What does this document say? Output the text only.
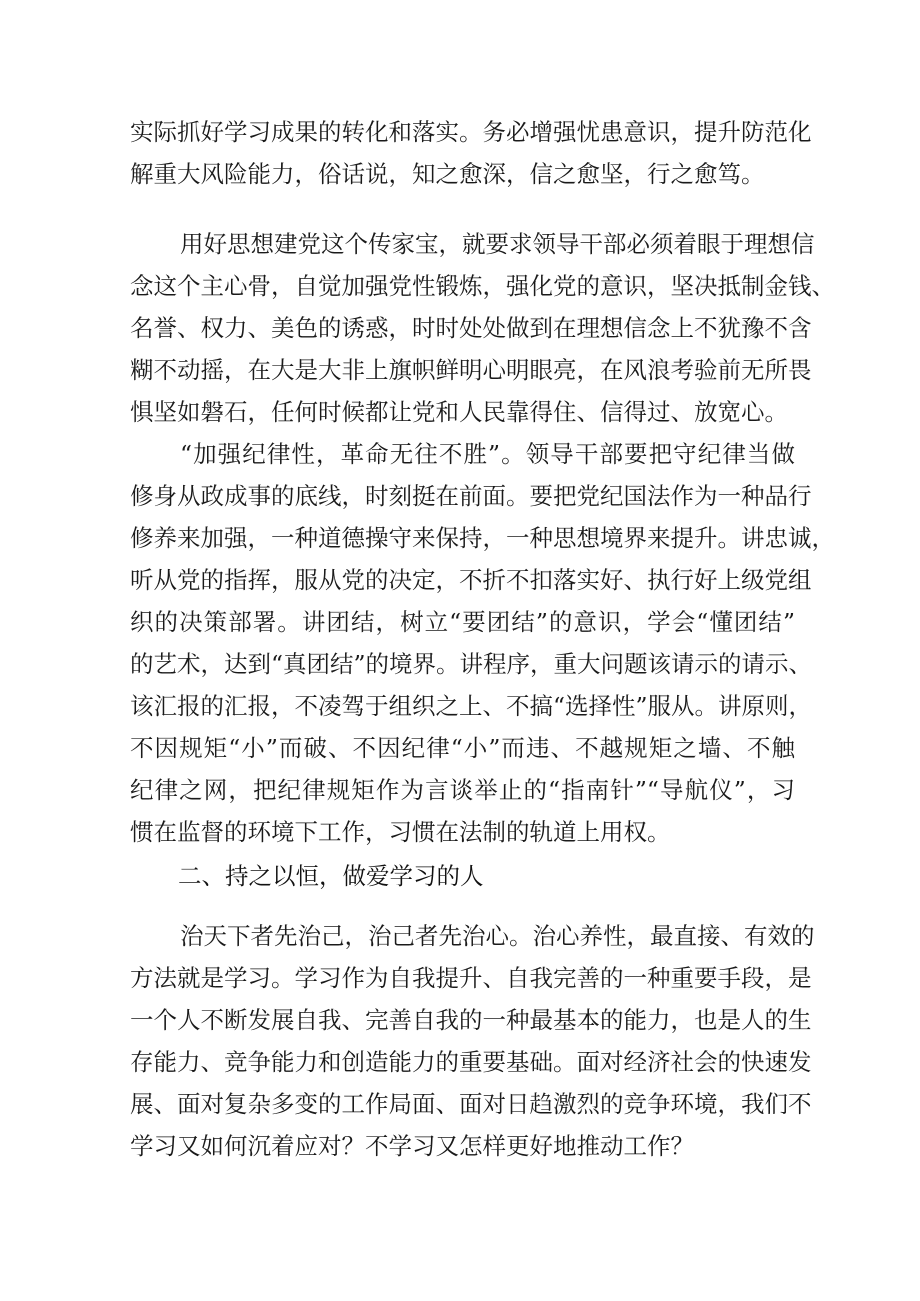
实际抓好学习成果的转化和落实。务必增强忧患意识，提升防范化
解重大风险能力，俗话说，知之愈深，信之愈坚，行之愈笃。
用好思想建党这个传家宝，就要求领导干部必须着眼于理想信
念这个主心骨，自觉加强党性锻炼，强化党的意识，坚决抵制金钱、
名誉、权力、美色的诱惑，时时处处做到在理想信念上不犹豫不含
糊不动摇，在大是大非上旗帜鲜明心明眼亮，在风浪考验前无所畏
惧坚如磐石，任何时候都让党和人民靠得住、信得过、放宽心。
“加强纪律性，革命无往不胜”。领导干部要把守纪律当做
修身从政成事的底线，时刻挺在前面。要把党纪国法作为一种品行
修养来加强，一种道德操守来保持，一种思想境界来提升。讲忠诚，
听从党的指挥，服从党的决定，不折不扣落实好、执行好上级党组
织的决策部署。讲团结，树立“要团结”的意识，学会“懂团结”
的艺术，达到“真团结”的境界。讲程序，重大问题该请示的请示、
该汇报的汇报，不凌驾于组织之上、不搞“选择性”服从。讲原则，
不因规矩“小”而破、不因纪律“小”而违、不越规矩之墙、不触
纪律之网，把纪律规矩作为言谈举止的“指南针”“导航仪”，习
惯在监督的环境下工作，习惯在法制的轨道上用权。
二、持之以恒，做爱学习的人
治天下者先治己，治己者先治心。治心养性，最直接、有效的
方法就是学习。学习作为自我提升、自我完善的一种重要手段，是
一个人不断发展自我、完善自我的一种最基本的能力，也是人的生
存能力、竞争能力和创造能力的重要基础。面对经济社会的快速发
展、面对复杂多变的工作局面、面对日趋激烈的竞争环境，我们不
学习又如何沉着应对？不学习又怎样更好地推动工作？
